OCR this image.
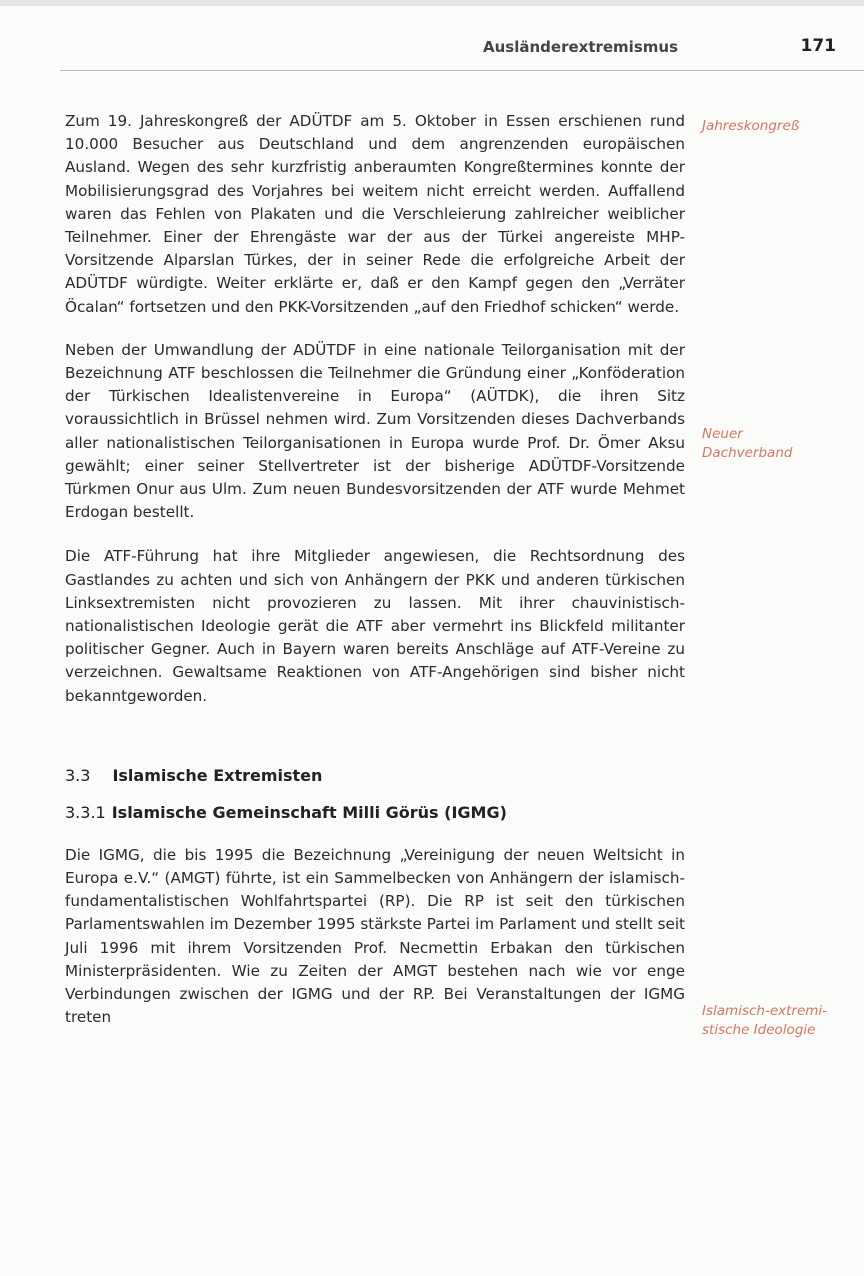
Ausländerextremismus	171

Zum 19. Jahreskongreß der ADÜTDF am 5. Oktober in Essen erschienen rund 10.000 Besucher aus Deutschland und dem angrenzenden europäischen Ausland. Wegen des sehr kurzfristig anberaumten Kongreßtermines konnte der Mobilisierungsgrad des Vorjahres bei weitem nicht erreicht werden. Auffallend waren das Fehlen von Plakaten und die Verschleierung zahlreicher weiblicher Teilnehmer. Einer der Ehrengäste war der aus der Türkei angereiste MHP-Vorsitzende Alparslan Türkes, der in seiner Rede die erfolgreiche Arbeit der ADÜTDF würdigte. Weiter erklärte er, daß er den Kampf gegen den „Verräter Öcalan“ fortsetzen und den PKK-Vorsitzenden „auf den Friedhof schicken“ werde.

Neben der Umwandlung der ADÜTDF in eine nationale Teilorganisation mit der Bezeichnung ATF beschlossen die Teilnehmer die Gründung einer „Konföderation der Türkischen Idealistenvereine in Europa“ (AÜTDK), die ihren Sitz voraussichtlich in Brüssel nehmen wird. Zum Vorsitzenden dieses Dachverbands aller nationalistischen Teilorganisationen in Europa wurde Prof. Dr. Ömer Aksu gewählt; einer seiner Stellvertreter ist der bisherige ADÜTDF-Vorsitzende Türkmen Onur aus Ulm. Zum neuen Bundesvorsitzenden der ATF wurde Mehmet Erdogan bestellt.

Die ATF-Führung hat ihre Mitglieder angewiesen, die Rechtsordnung des Gastlandes zu achten und sich von Anhängern der PKK und anderen türkischen Linksextremisten nicht provozieren zu lassen. Mit ihrer chauvinistisch-nationalistischen Ideologie gerät die ATF aber vermehrt ins Blickfeld militanter politischer Gegner. Auch in Bayern waren bereits Anschläge auf ATF-Vereine zu verzeichnen. Gewaltsame Reaktionen von ATF-Angehörigen sind bisher nicht bekanntgeworden.

3.3 Islamische Extremisten
3.3.1 Islamische Gemeinschaft Milli Görüs (IGMG)

Die IGMG, die bis 1995 die Bezeichnung „Vereinigung der neuen Weltsicht in Europa e.V.“ (AMGT) führte, ist ein Sammelbecken von Anhängern der islamisch-fundamentalistischen Wohlfahrtspartei (RP). Die RP ist seit den türkischen Parlamentswahlen im Dezember 1995 stärkste Partei im Parlament und stellt seit Juli 1996 mit ihrem Vorsitzenden Prof. Necmettin Erbakan den türkischen Ministerpräsidenten. Wie zu Zeiten der AMGT bestehen nach wie vor enge Verbindungen zwischen der IGMG und der RP. Bei Veranstaltungen der IGMG treten

Jahreskongreß
Neuer Dachverband
Islamisch-extremistische Ideologie
